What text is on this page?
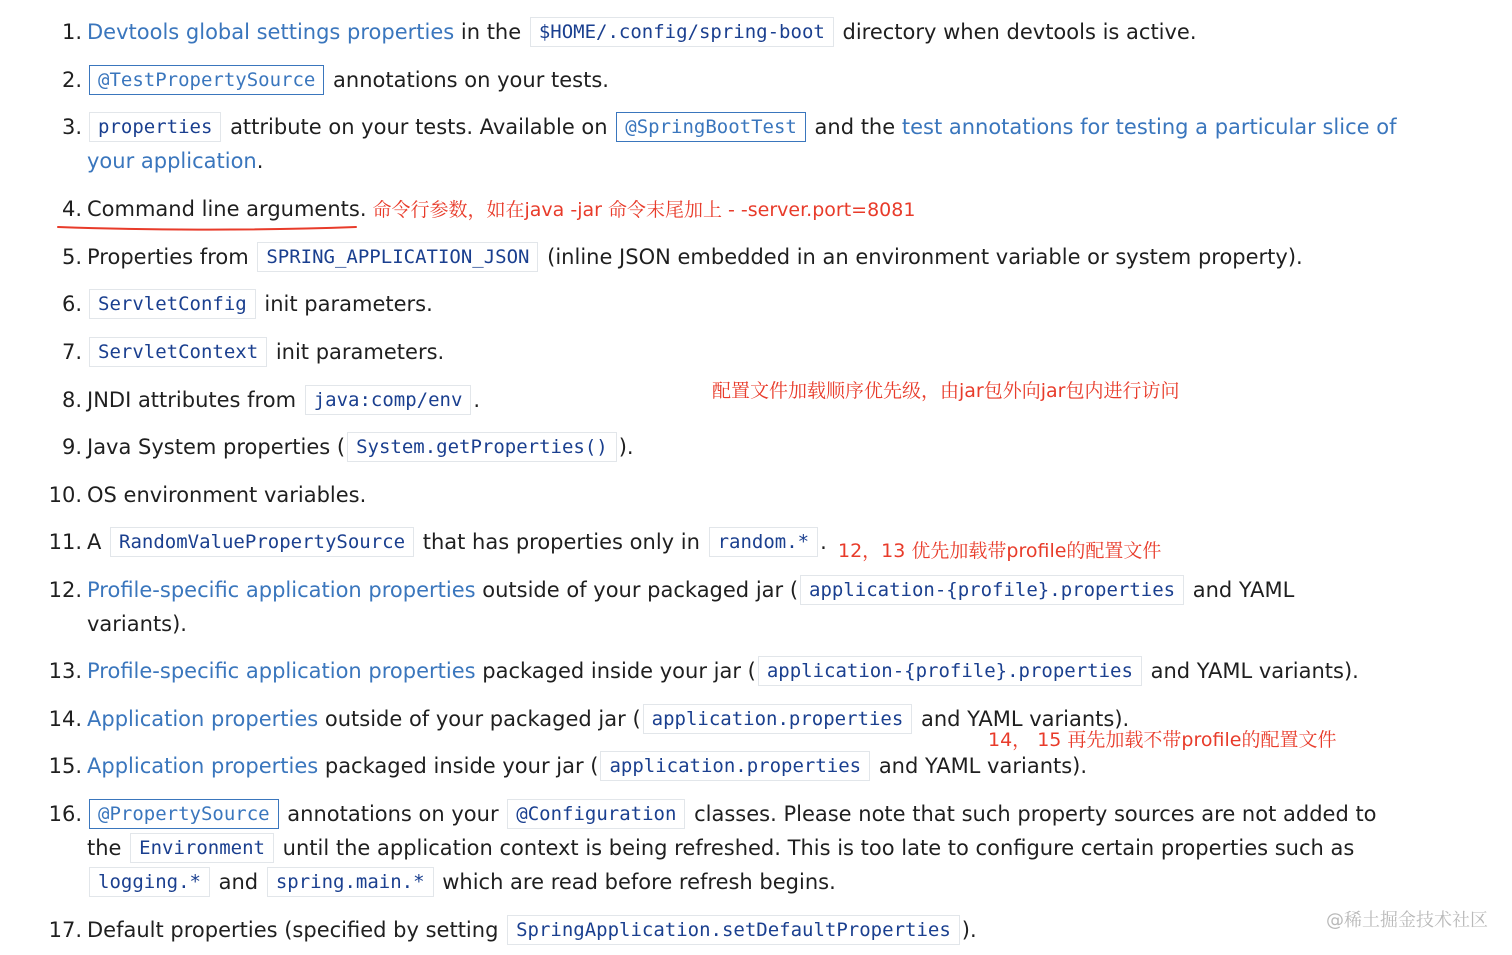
1. Devtools global settings properties in the $HOME/.config/spring-boot directory when devtools is active.
2. @TestPropertySource annotations on your tests.
3. properties attribute on your tests. Available on @SpringBootTest and the test annotations for testing a particular slice of
your application.
4. Command line arguments. 命令行参数，如在java -jar 命令末尾加上 - -server.port=8081
5. Properties from SPRING_APPLICATION_JSON (inline JSON embedded in an environment variable or system property).
6. ServletConfig init parameters.
7. ServletContext init parameters.
8. JNDI attributes from java:comp/env .
9. Java System properties ( System.getProperties() ).
10. OS environment variables.
11. A RandomValuePropertySource that has properties only in random.* .
12. Profile-specific application properties outside of your packaged jar ( application-{profile}.properties and YAML
variants).
13. Profile-specific application properties packaged inside your jar ( application-{profile}.properties and YAML variants).
14. Application properties outside of your packaged jar ( application.properties and YAML variants).
15. Application properties packaged inside your jar ( application.properties and YAML variants).
16. @PropertySource annotations on your @Configuration classes. Please note that such property sources are not added to
the Environment until the application context is being refreshed. This is too late to configure certain properties such as
logging.* and spring.main.* which are read before refresh begins.
17. Default properties (specified by setting SpringApplication.setDefaultProperties ).
配置文件加载顺序优先级，由jar包外向jar包内进行访问
12，13 优先加载带profile的配置文件
14， 15 再先加载不带profile的配置文件
@稀土掘金技术社区
